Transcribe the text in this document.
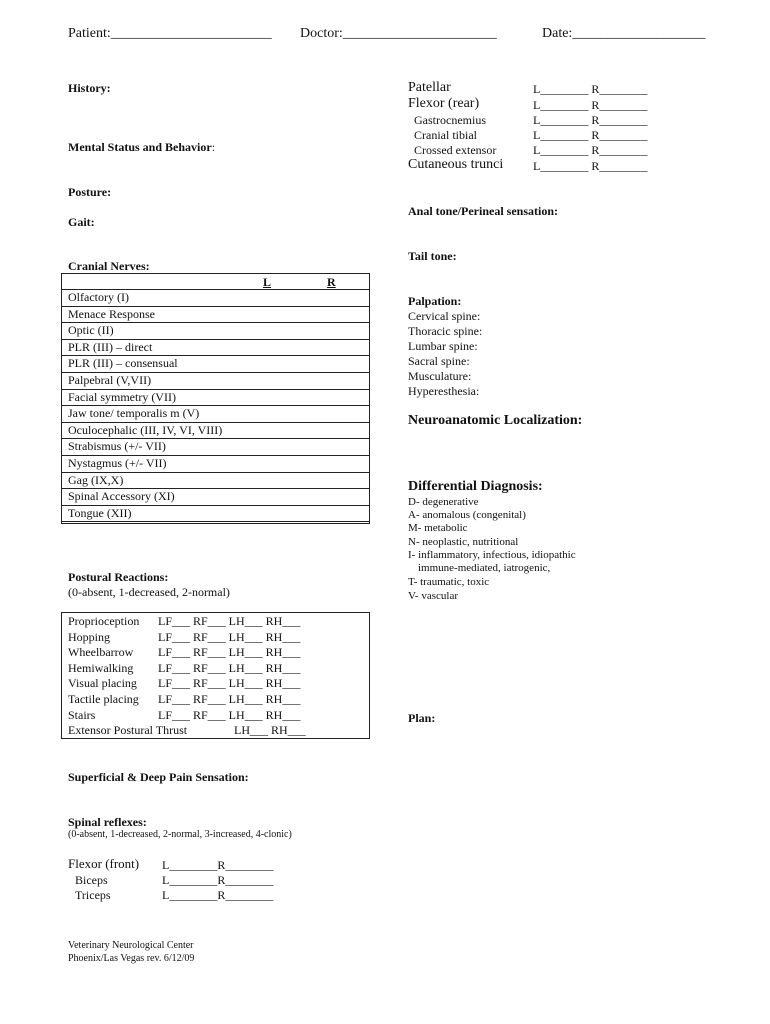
Patient:_______________________ Doctor:______________________	Date:___________________
History:
Mental Status and Behavior:
Posture:
Gait:
Cranial Nerves:
L	R
Olfactory (I)
Menace Response
Optic (II)
PLR (III) – direct
PLR (III) – consensual
Palpebral (V,VII)
Facial symmetry (VII)
Jaw tone/ temporalis m (V)
Oculocephalic (III, IV, VI, VIII)
Strabismus (+/- VII)
Nystagmus (+/- VII)
Gag (IX,X)
Spinal Accessory (XI)
Tongue (XII)
Postural Reactions:
(0-absent, 1-decreased, 2-normal)
Proprioception LF___ RF___ LH___ RH___
Hopping	LF___ RF___ LH___ RH___
Wheelbarrow LF___ RF___ LH___ RH___
Hemiwalking LF___ RF___ LH___ RH___
Visual placing LF___ RF___ LH___ RH___
Tactile placing LF___ RF___ LH___ RH___
Stairs	LF___ RF___ LH___ RH___
Extensor Postural Thrust	LH___ RH___
Superficial & Deep Pain Sensation:
Spinal reflexes:
(0-absent, 1-decreased, 2-normal, 3-increased, 4-clonic)
Flexor (front) L________R________
Biceps	L________R________
Triceps	L________R________
Veterinary Neurological Center
Phoenix/Las Vegas rev. 6/12/09
Patellar	L________ R________
Flexor (rear)	L________ R________
Gastrocnemius	L________ R________
Cranial tibial	L________ R________
Crossed extensor	L________ R________
Cutaneous trunci L________ R________
Anal tone/Perineal sensation:
Tail tone:
Palpation:
Cervical spine:
Thoracic spine:
Lumbar spine:
Sacral spine:
Musculature:
Hyperesthesia:
Neuroanatomic Localization:
Differential Diagnosis:
D- degenerative
A- anomalous (congenital)
M- metabolic
N- neoplastic, nutritional
I- inflammatory, infectious, idiopathic
immune-mediated, iatrogenic,
T- traumatic, toxic
V- vascular
Plan:
